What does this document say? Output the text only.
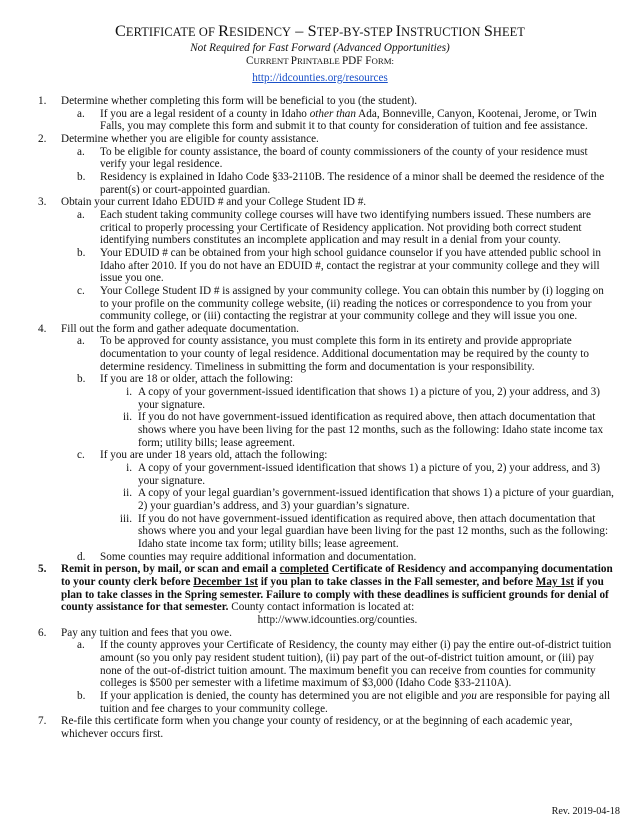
CERTIFICATE OF RESIDENCY – STEP-BY-STEP INSTRUCTION SHEET

Not Required for Fast Forward (Advanced Opportunities)

CURRENT PRINTABLE PDF FORM:

http://idcounties.org/resources
1. Determine whether completing this form will be beneficial to you (the student).
a. If you are a legal resident of a county in Idaho other than Ada, Bonneville, Canyon, Kootenai, Jerome, or Twin Falls, you may complete this form and submit it to that county for consideration of tuition and fee assistance.
2. Determine whether you are eligible for county assistance.
a. To be eligible for county assistance, the board of county commissioners of the county of your residence must verify your legal residence.
b. Residency is explained in Idaho Code §33-2110B. The residence of a minor shall be deemed the residence of the parent(s) or court-appointed guardian.
3. Obtain your current Idaho EDUID # and your College Student ID #.
a. Each student taking community college courses will have two identifying numbers issued. These numbers are critical to properly processing your Certificate of Residency application. Not providing both correct student identifying numbers constitutes an incomplete application and may result in a denial from your county.
b. Your EDUID # can be obtained from your high school guidance counselor if you have attended public school in Idaho after 2010. If you do not have an EDUID #, contact the registrar at your community college and they will issue you one.
c. Your College Student ID # is assigned by your community college. You can obtain this number by (i) logging on to your profile on the community college website, (ii) reading the notices or correspondence to you from your community college, or (iii) contacting the registrar at your community college and they will issue you one.
4. Fill out the form and gather adequate documentation.
a. To be approved for county assistance, you must complete this form in its entirety and provide appropriate documentation to your county of legal residence. Additional documentation may be required by the county to determine residency. Timeliness in submitting the form and documentation is your responsibility.
b. If you are 18 or older, attach the following:
i. A copy of your government-issued identification that shows 1) a picture of you, 2) your address, and 3) your signature.
ii. If you do not have government-issued identification as required above, then attach documentation that shows where you have been living for the past 12 months, such as the following: Idaho state income tax form; utility bills; lease agreement.
c. If you are under 18 years old, attach the following:
i. A copy of your government-issued identification that shows 1) a picture of you, 2) your address, and 3) your signature.
ii. A copy of your legal guardian’s government-issued identification that shows 1) a picture of your guardian, 2) your guardian’s address, and 3) your guardian’s signature.
iii. If you do not have government-issued identification as required above, then attach documentation that shows where you and your legal guardian have been living for the past 12 months, such as the following: Idaho state income tax form; utility bills; lease agreement.
d. Some counties may require additional information and documentation.
5. Remit in person, by mail, or scan and email a completed Certificate of Residency and accompanying documentation to your county clerk before December 1st if you plan to take classes in the Fall semester, and before May 1st if you plan to take classes in the Spring semester. Failure to comply with these deadlines is sufficient grounds for denial of county assistance for that semester. County contact information is located at:
http://www.idcounties.org/counties.
6. Pay any tuition and fees that you owe.
a. If the county approves your Certificate of Residency, the county may either (i) pay the entire out-of-district tuition amount (so you only pay resident student tuition), (ii) pay part of the out-of-district tuition amount, or (iii) pay none of the out-of-district tuition amount. The maximum benefit you can receive from counties for community colleges is $500 per semester with a lifetime maximum of $3,000 (Idaho Code §33-2110A).
b. If your application is denied, the county has determined you are not eligible and you are responsible for paying all tuition and fee charges to your community college.
7. Re-file this certificate form when you change your county of residency, or at the beginning of each academic year, whichever occurs first.
Rev. 2019-04-18
